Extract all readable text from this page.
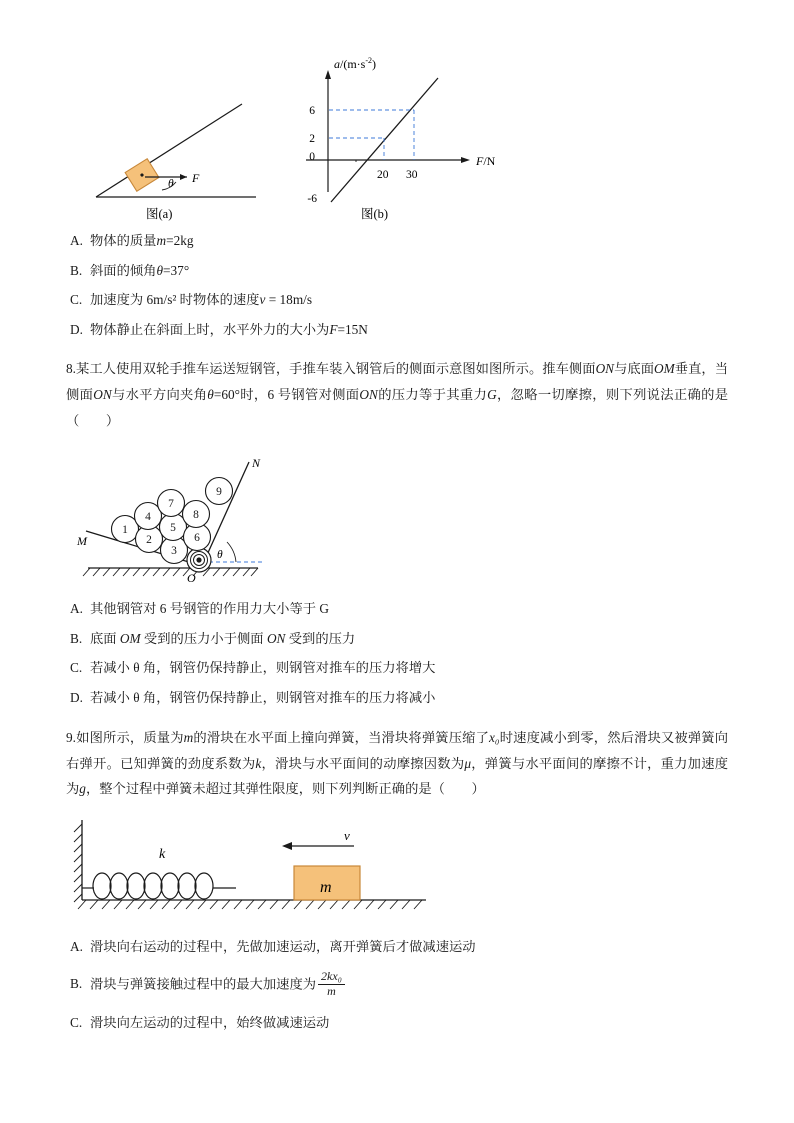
θ F
图(a)
$a/(m\cdot s^{-2})$
F/N
6
2
0
-6
20 30
图(b)
A. 物体的质量m=2kg
B. 斜面的倾角θ=37°
C. 加速度为 6m/s² 时物体的速度v = 18m/s
D. 物体静止在斜面上时，水平外力的大小为F=15N
8.某工人使用双轮手推车运送短钢管，手推车装入钢管后的侧面示意图如图所示。推车侧面ON与底面OM垂直，当侧面ON与水平方向夹角θ=60°时，6 号钢管对侧面ON的压力等于其重力G，忽略一切摩擦，则下列说法正确的是（　　）
1
2
3
4
5
6
7
8
9
M
N
O
θ
A. 其他钢管对 6 号钢管的作用力大小等于 G
B. 底面 OM 受到的压力小于侧面 ON 受到的压力
C. 若减小 θ 角，钢管仍保持静止，则钢管对推车的压力将增大
D. 若减小 θ 角，钢管仍保持静止，则钢管对推车的压力将减小
9.如图所示，质量为m的滑块在水平面上撞向弹簧，当滑块将弹簧压缩了x₀时速度减小到零，然后滑块又被弹簧向右弹开。已知弹簧的劲度系数为k，滑块与水平面间的动摩擦因数为μ，弹簧与水平面间的摩擦不计，重力加速度为g，整个过程中弹簧未超过其弹性限度，则下列判断正确的是（　　）
v
k
m
A. 滑块向右运动的过程中，先做加速运动，离开弹簧后才做减速运动
B. 滑块与弹簧接触过程中的最大加速度为 $\frac{\text{2kx₀}}{m}$
C. 滑块向左运动的过程中，始终做减速运动
